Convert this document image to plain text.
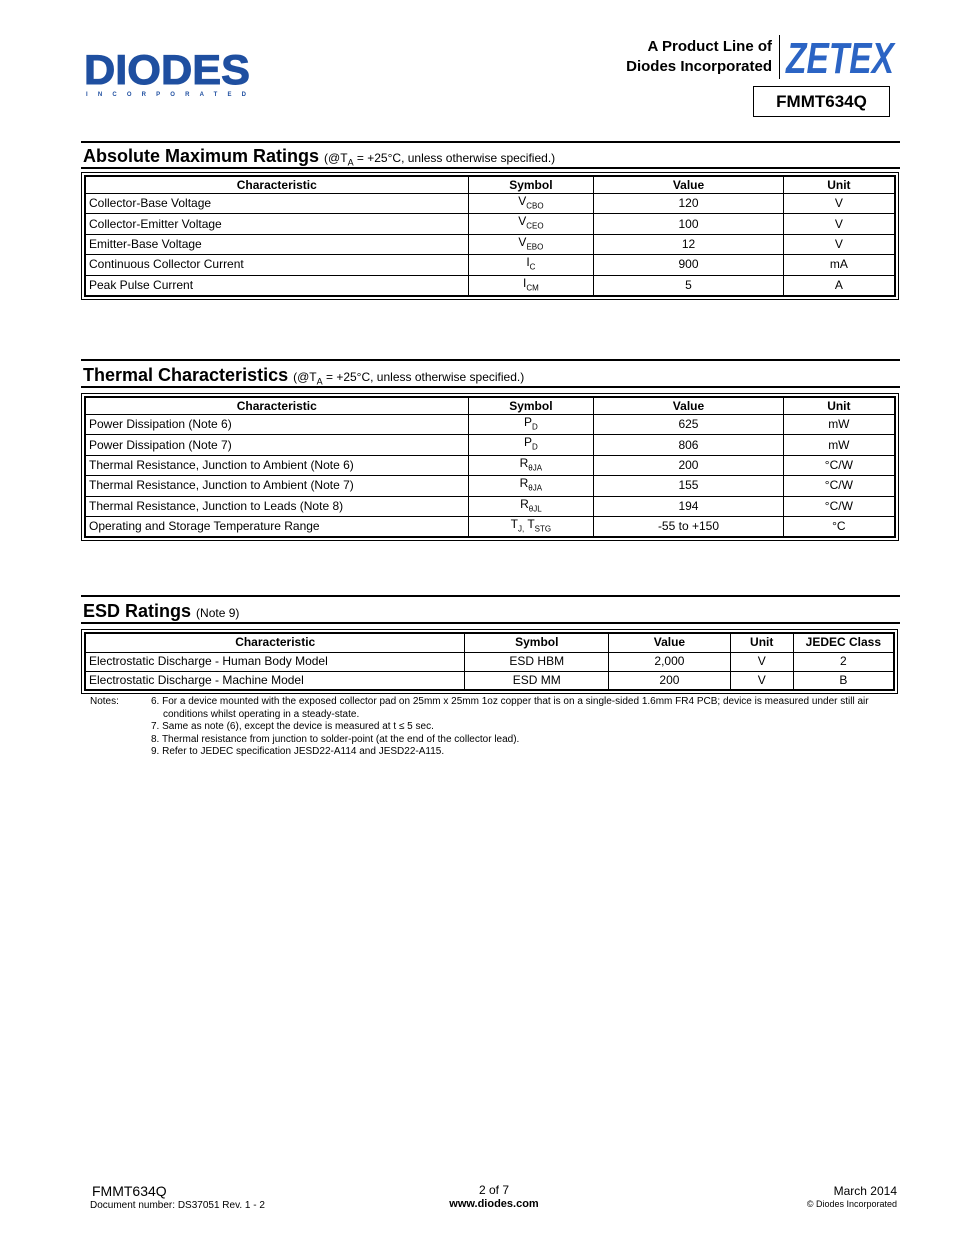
DIODES
INCORPORATED
A Product Line of
Diodes Incorporated ZETEX
FMMT634Q
Absolute Maximum Ratings ($@T_A = +25^\circ C$, unless otherwise specified.)
Characteristic	Symbol	Value	Unit
Collector-Base Voltage	$V_{CBO}$	120	V
Collector-Emitter Voltage	$V_{CEO}$	100	V
Emitter-Base Voltage	$V_{EBO}$	12	V
Continuous Collector Current	$I_C$	900	mA
Peak Pulse Current	$I_{CM}$	5	A
Thermal Characteristics ($@T_A = +25^\circ C$, unless otherwise specified.)
Characteristic	Symbol	Value	Unit
Power Dissipation (Note 6)	$P_D$	625	mW
Power Dissipation (Note 7)	$P_D$	806	mW
Thermal Resistance, Junction to Ambient (Note 6)	$R_{\theta JA}$	200	°C/W
Thermal Resistance, Junction to Ambient (Note 7)	$R_{\theta JA}$	155	°C/W
Thermal Resistance, Junction to Leads (Note 8)	$R_{\theta JL}$	194	°C/W
Operating and Storage Temperature Range	$T_{J,}$ $T_{STG}$	-55 to +150	°C
ESD Ratings (Note 9)
Characteristic	Symbol	Value	Unit	JEDEC Class
Electrostatic Discharge - Human Body Model	ESD HBM	2,000	V	2
Electrostatic Discharge - Machine Model	ESD MM	200	V	B
Notes:	6. For a device mounted with the exposed collector pad on 25mm x 25mm 1oz copper that is on a single-sided 1.6mm FR4 PCB; device is measured under still air conditions whilst operating in a steady-state.
7. Same as note (6), except the device is measured at t ≤ 5 sec.
8. Thermal resistance from junction to solder-point (at the end of the collector lead).
9. Refer to JEDEC specification JESD22-A114 and JESD22-A115.
FMMT634Q
Document number: DS37051 Rev. 1 - 2
2 of 7
www.diodes.com
March 2014
© Diodes Incorporated
